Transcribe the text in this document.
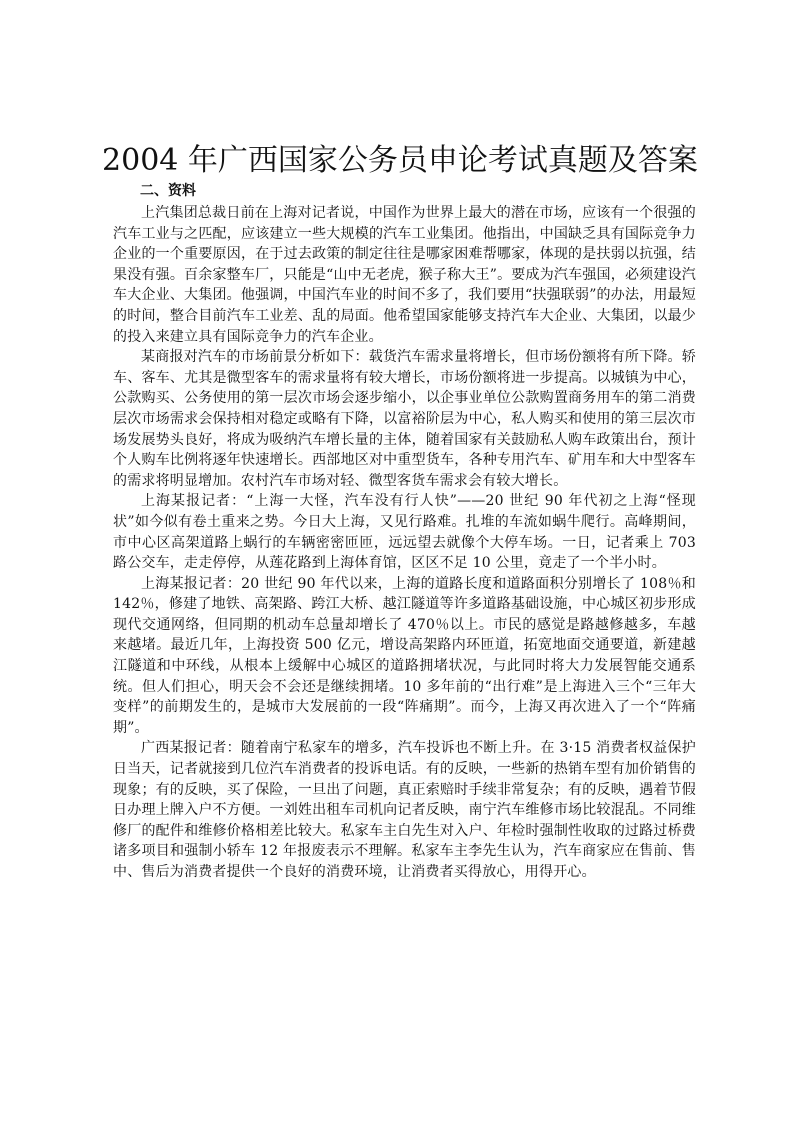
2004 年广西国家公务员申论考试真题及答案
二、资料

上汽集团总裁日前在上海对记者说，中国作为世界上最大的潜在市场，应该有一个很强的汽车工业与之匹配，应该建立一些大规模的汽车工业集团。他指出，中国缺乏具有国际竞争力企业的一个重要原因，在于过去政策的制定往往是哪家困难帮哪家，体现的是扶弱以抗强，结果没有强。百余家整车厂，只能是“山中无老虎，猴子称大王”。要成为汽车强国，必须建设汽车大企业、大集团。他强调，中国汽车业的时间不多了，我们要用“扶强联弱”的办法，用最短的时间，整合目前汽车工业差、乱的局面。他希望国家能够支持汽车大企业、大集团，以最少的投入来建立具有国际竞争力的汽车企业。

某商报对汽车的市场前景分析如下：载货汽车需求量将增长，但市场份额将有所下降。轿车、客车、尤其是微型客车的需求量将有较大增长，市场份额将进一步提高。以城镇为中心，公款购买、公务使用的第一层次市场会逐步缩小，以企事业单位公款购置商务用车的第二消费层次市场需求会保持相对稳定或略有下降，以富裕阶层为中心，私人购买和使用的第三层次市场发展势头良好，将成为吸纳汽车增长量的主体，随着国家有关鼓励私人购车政策出台，预计个人购车比例将逐年快速增长。西部地区对中重型货车，各种专用汽车、矿用车和大中型客车的需求将明显增加。农村汽车市场对轻、微型客货车需求会有较大增长。

上海某报记者：“上海一大怪，汽车没有行人快”——20 世纪 90 年代初之上海“怪现状”如今似有卷土重来之势。今日大上海，又见行路难。扎堆的车流如蜗牛爬行。高峰期间，市中心区高架道路上蜗行的车辆密密匝匝，远远望去就像个大停车场。一日，记者乘上 703 路公交车，走走停停，从莲花路到上海体育馆，区区不足 10 公里，竟走了一个半小时。

上海某报记者：20 世纪 90 年代以来，上海的道路长度和道路面积分别增长了 108％和 142％，修建了地铁、高架路、跨江大桥、越江隧道等许多道路基础设施，中心城区初步形成现代交通网络，但同期的机动车总量却增长了 470％以上。市民的感觉是路越修越多，车越来越堵。最近几年，上海投资 500 亿元，增设高架路内环匝道，拓宽地面交通要道，新建越江隧道和中环线，从根本上缓解中心城区的道路拥堵状况，与此同时将大力发展智能交通系统。但人们担心，明天会不会还是继续拥堵。10 多年前的“出行难”是上海进入三个“三年大变样”的前期发生的，是城市大发展前的一段“阵痛期”。而今，上海又再次进入了一个“阵痛期”。

广西某报记者：随着南宁私家车的增多，汽车投诉也不断上升。在 3·15 消费者权益保护日当天，记者就接到几位汽车消费者的投诉电话。有的反映，一些新的热销车型有加价销售的现象；有的反映，买了保险，一旦出了问题，真正索赔时手续非常复杂；有的反映，遇着节假日办理上牌入户不方便。一刘姓出租车司机向记者反映，南宁汽车维修市场比较混乱。不同维修厂的配件和维修价格相差比较大。私家车主白先生对入户、年检时强制性收取的过路过桥费诸多项目和强制小轿车 12 年报废表示不理解。私家车主李先生认为，汽车商家应在售前、售中、售后为消费者提供一个良好的消费环境，让消费者买得放心，用得开心。
